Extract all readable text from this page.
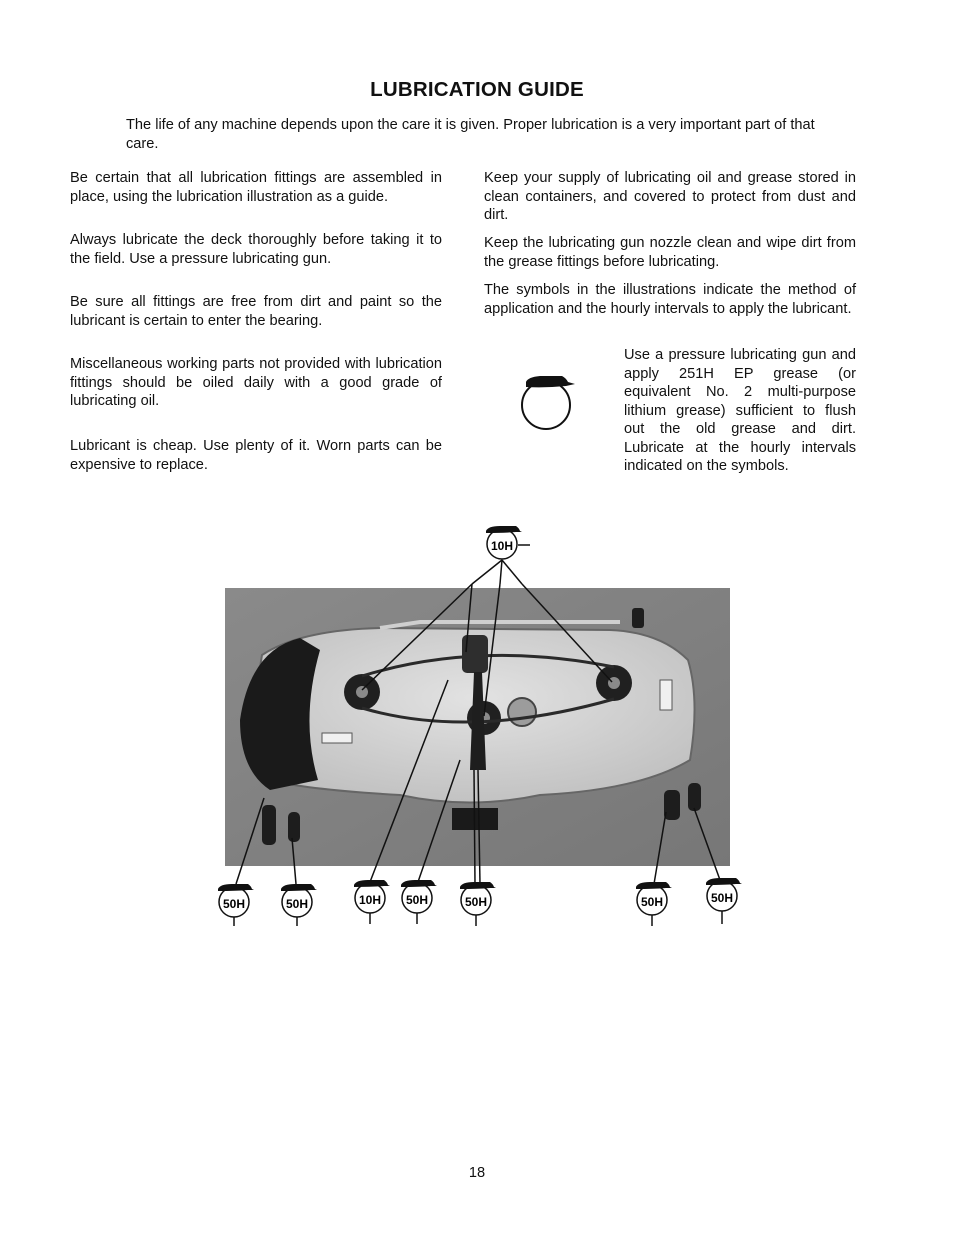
LUBRICATION GUIDE
The life of any machine depends upon the care it is given. Proper lubrication is a very important part of that care.

Be certain that all lubrication fittings are assembled in place, using the lubrication illustration as a guide.

Always lubricate the deck thoroughly before taking it to the field. Use a pressure lubricating gun.

Be sure all fittings are free from dirt and paint so the lubricant is certain to enter the bearing.

Miscellaneous working parts not provided with lubrication fittings should be oiled daily with a good grade of lubricating oil.

Lubricant is cheap. Use plenty of it. Worn parts can be expensive to replace.

Keep your supply of lubricating oil and grease stored in clean containers, and covered to protect from dust and dirt.

Keep the lubricating gun nozzle clean and wipe dirt from the grease fittings before lubricating.

The symbols in the illustrations indicate the method of application and the hourly intervals to apply the lubricant.

Use a pressure lubricating gun and apply 251H EP grease (or equivalent No. 2 multi-purpose lithium grease) sufficient to flush out the old grease and dirt. Lubricate at the hourly intervals indicated on the symbols.

10H
50H	50H	10H 50H	50H	50H	50H
18
